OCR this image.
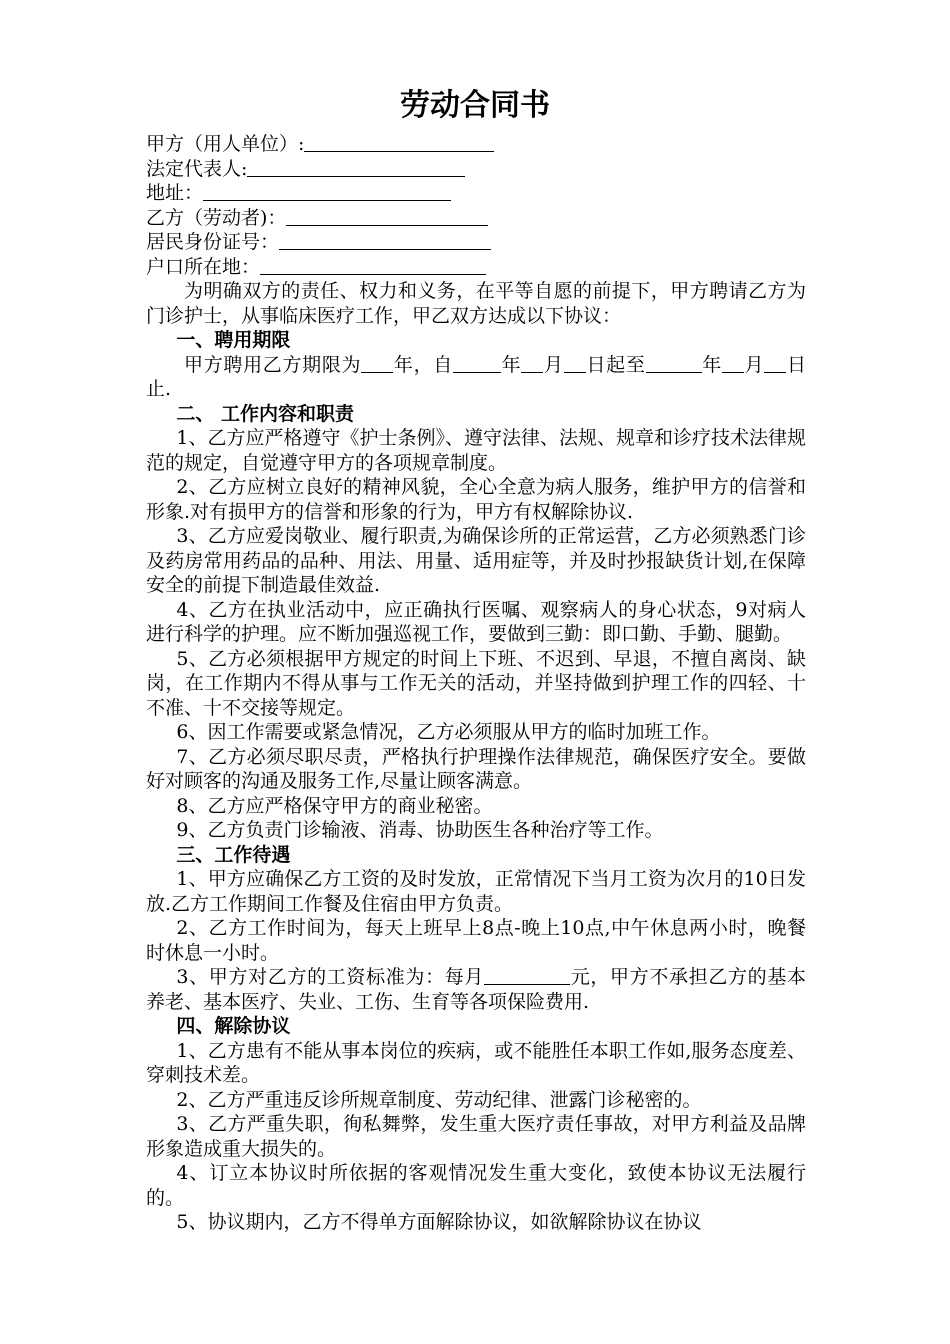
劳动合同书

甲方（用人单位）:

法定代表人:

地址：

乙方（劳动者)：

居民身份证号：

户口所在地：

为明确双方的责任、权力和义务，在平等自愿的前提下，甲方聘请乙方为门诊护士，从事临床医疗工作，甲乙双方达成以下协议：

一、聘用期限

甲方聘用乙方期限为 年，自	年 月 日起至	年 月 日止.

二、 工作内容和职责

1、乙方应严格遵守《护士条例》、遵守法律、法规、规章和诊疗技术法律规范的规定，自觉遵守甲方的各项规章制度。

2、乙方应树立良好的精神风貌，全心全意为病人服务，维护甲方的信誉和形象.对有损甲方的信誉和形象的行为，甲方有权解除协议.

3、乙方应爱岗敬业、履行职责,为确保诊所的正常运营，乙方必须熟悉门诊及药房常用药品的品种、用法、用量、适用症等，并及时抄报缺货计划,在保障安全的前提下制造最佳效益.

4、乙方在执业活动中，应正确执行医嘱、观察病人的身心状态，9对病人进行科学的护理。应不断加强巡视工作，要做到三勤：即口勤、手勤、腿勤。

5、乙方必须根据甲方规定的时间上下班、不迟到、早退，不擅自离岗、缺岗，在工作期内不得从事与工作无关的活动，并坚持做到护理工作的四轻、十不准、十不交接等规定。

6、因工作需要或紧急情况，乙方必须服从甲方的临时加班工作。

7、乙方必须尽职尽责，严格执行护理操作法律规范，确保医疗安全。要做好对顾客的沟通及服务工作,尽量让顾客满意。

8、乙方应严格保守甲方的商业秘密。

9、乙方负责门诊输液、消毒、协助医生各种治疗等工作。

三、工作待遇

1、甲方应确保乙方工资的及时发放，正常情况下当月工资为次月的10日发放.乙方工作期间工作餐及住宿由甲方负责。

2、乙方工作时间为，每天上班早上8点-晚上10点,中午休息两小时，晚餐时休息一小时。

3、甲方对乙方的工资标准为：每月	元，甲方不承担乙方的基本养老、基本医疗、失业、工伤、生育等各项保险费用.

四、解除协议

1、乙方患有不能从事本岗位的疾病，或不能胜任本职工作如,服务态度差、穿刺技术差。

2、乙方严重违反诊所规章制度、劳动纪律、泄露门诊秘密的。

3、乙方严重失职，徇私舞弊，发生重大医疗责任事故，对甲方利益及品牌形象造成重大损失的。

4、订立本协议时所依据的客观情况发生重大变化，致使本协议无法履行的。

5、协议期内，乙方不得单方面解除协议，如欲解除协议在协议
